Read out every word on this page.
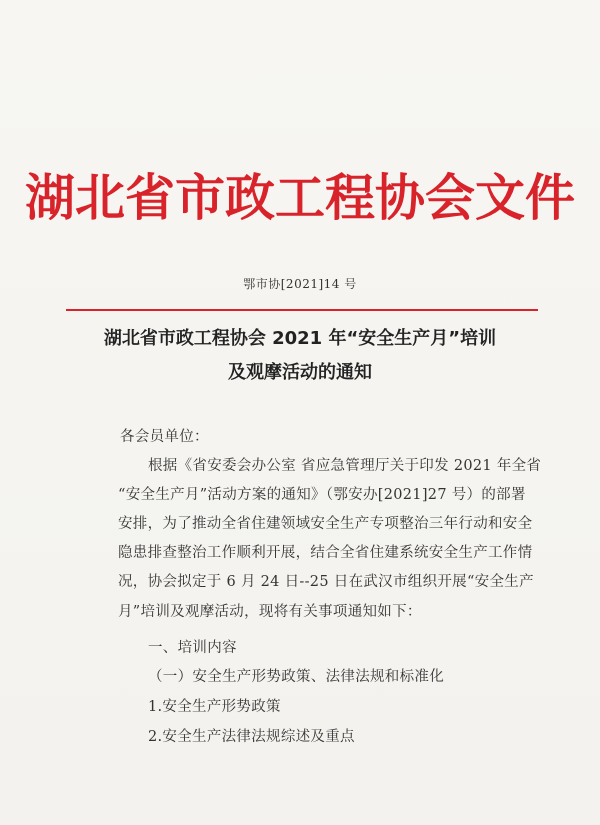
湖北省市政工程协会文件
鄂市协[2021]14 号
湖北省市政工程协会 2021 年“安全生产月”培训
及观摩活动的通知
各会员单位：
根据《省安委会办公室 省应急管理厅关于印发 2021 年全省
“安全生产月”活动方案的通知》（鄂安办[2021]27 号）的部署
安排，为了推动全省住建领域安全生产专项整治三年行动和安全
隐患排查整治工作顺利开展，结合全省住建系统安全生产工作情
况，协会拟定于 6 月 24 日--25 日在武汉市组织开展“安全生产
月”培训及观摩活动，现将有关事项通知如下：
一、培训内容
（一）安全生产形势政策、法律法规和标准化
1.安全生产形势政策
2.安全生产法律法规综述及重点
